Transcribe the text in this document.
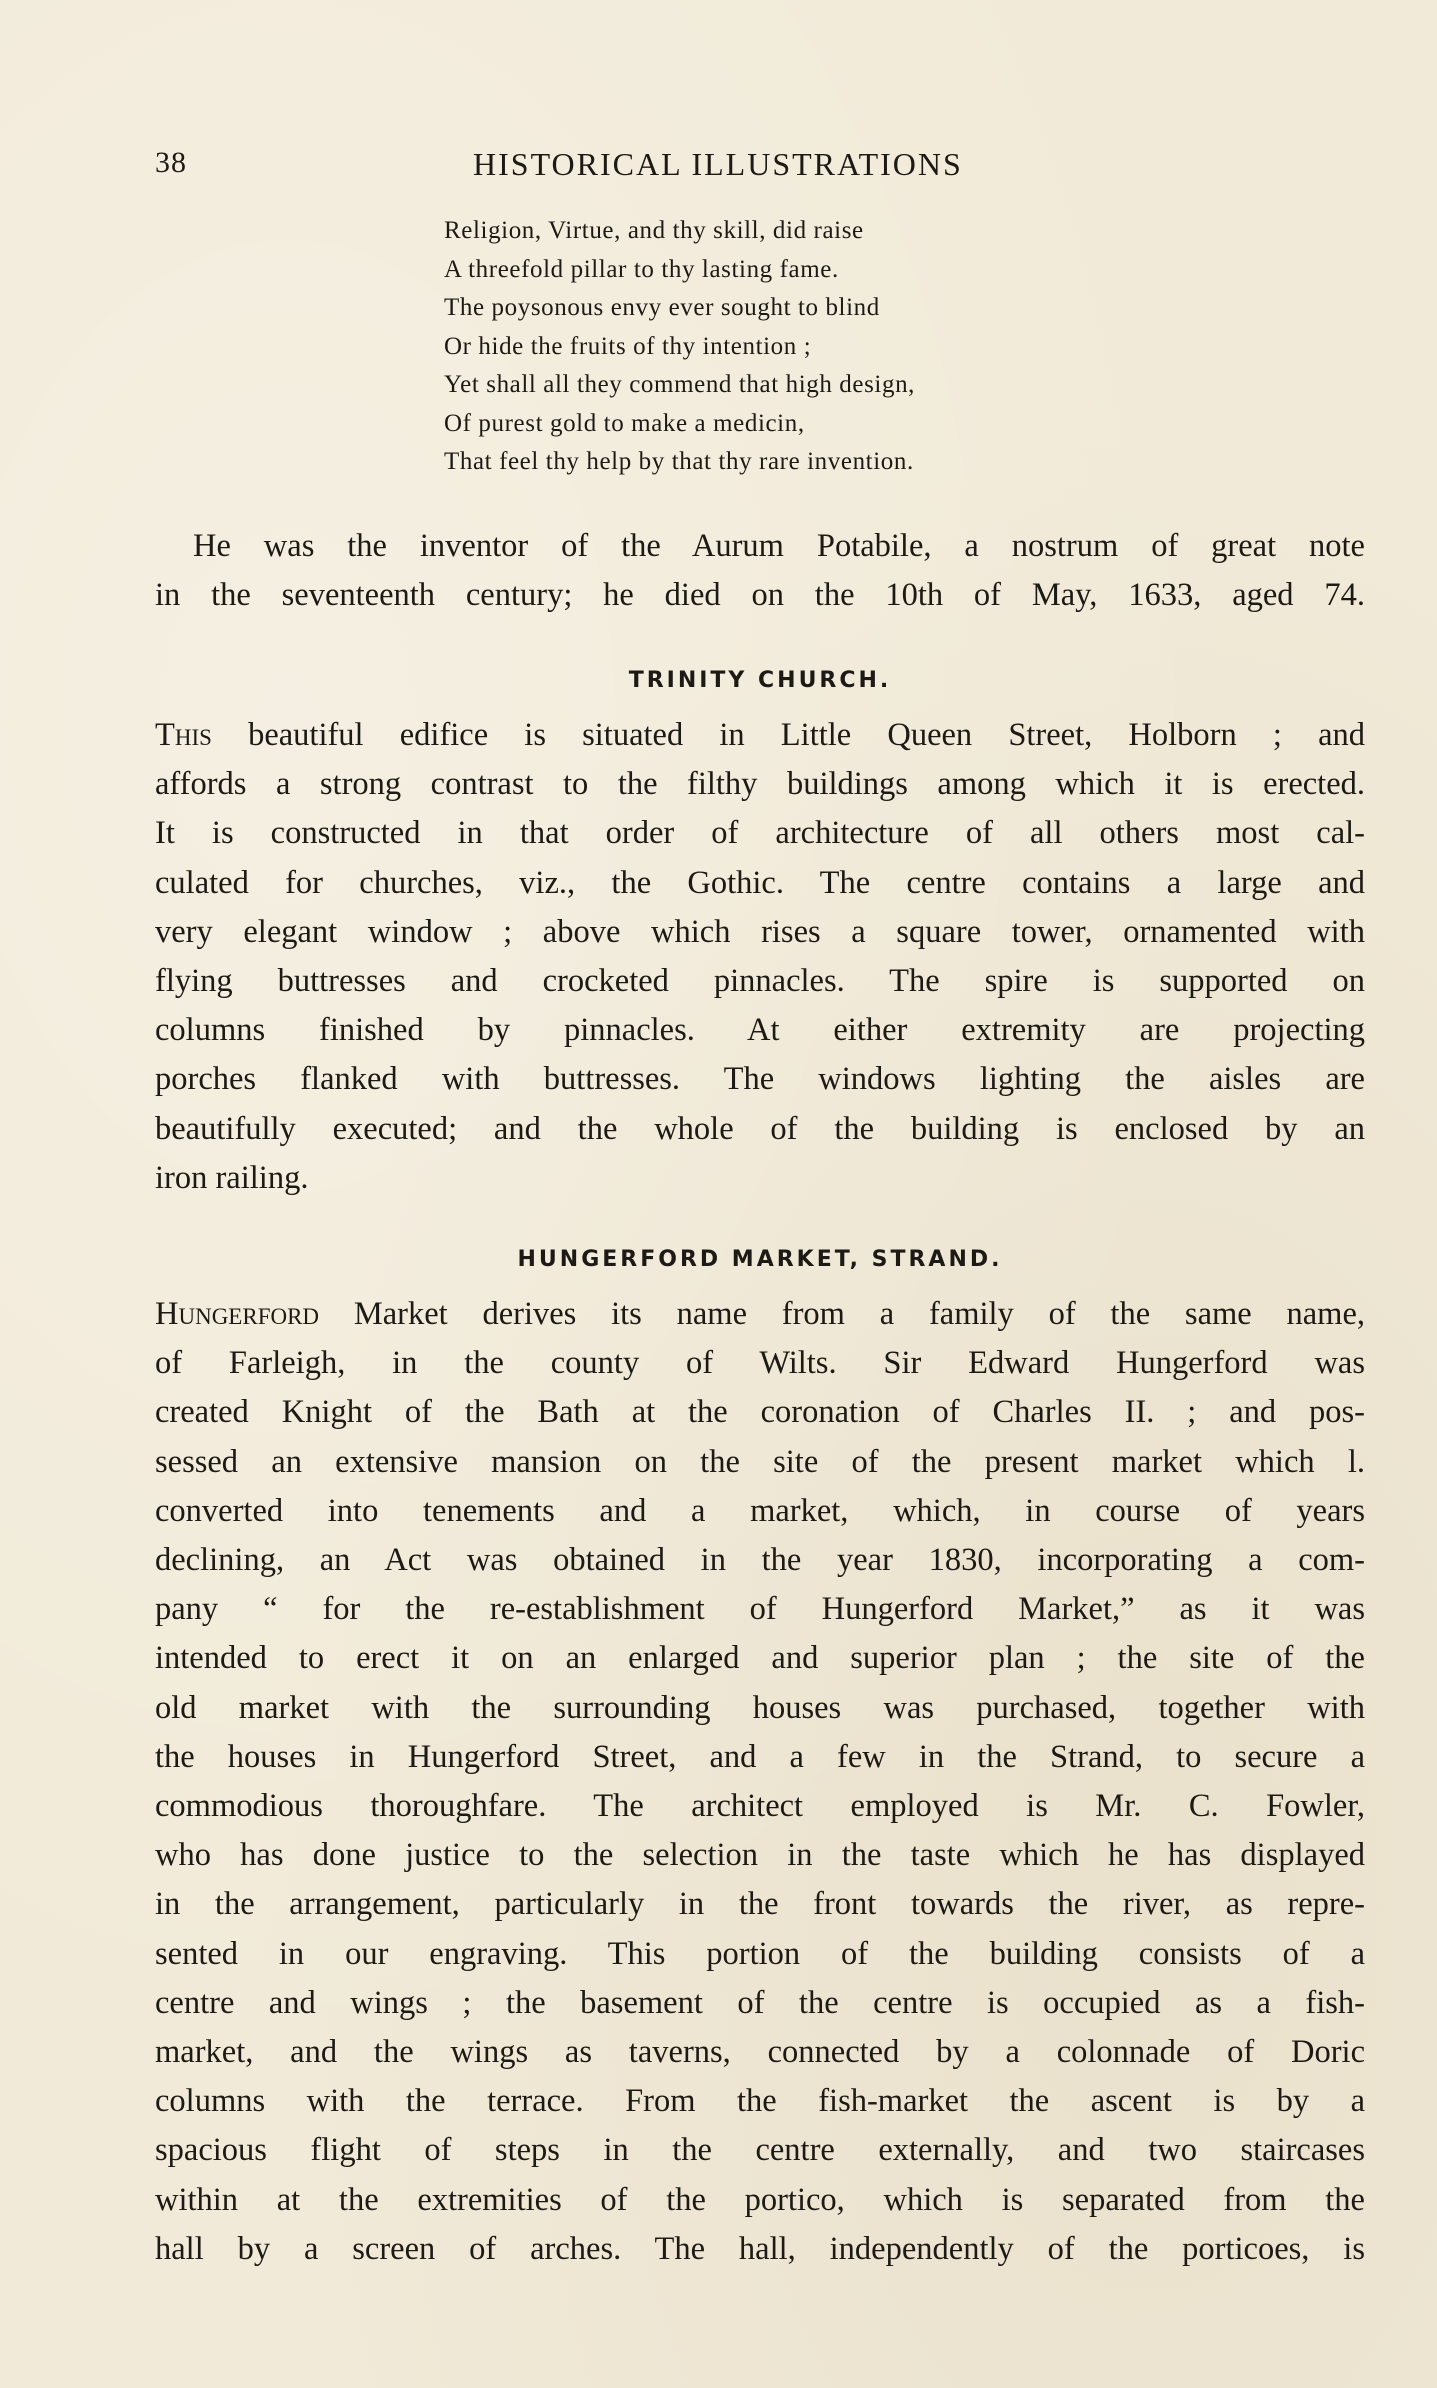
38	HISTORICAL ILLUSTRATIONS
Religion, Virtue, and thy skill, did raise
A threefold pillar to thy lasting fame.
The poysonous envy ever sought to blind
Or hide the fruits of thy intention ;
Yet shall all they commend that high design,
Of purest gold to make a medicin,
That feel thy help by that thy rare invention.
He was the inventor of the Aurum Potabile, a nostrum of great note
in the seventeenth century; he died on the 10th of May, 1633, aged 74.
TRINITY CHURCH.
This beautiful edifice is situated in Little Queen Street, Holborn ; and
affords a strong contrast to the filthy buildings among which it is erected.
It is constructed in that order of architecture of all others most cal-
culated for churches, viz., the Gothic. The centre contains a large and
very elegant window ; above which rises a square tower, ornamented with
flying buttresses and crocketed pinnacles. The spire is supported on
columns finished by pinnacles. At either extremity are projecting
porches flanked with buttresses. The windows lighting the aisles are
beautifully executed; and the whole of the building is enclosed by an
iron railing.
HUNGERFORD MARKET, STRAND.
Hungerford Market derives its name from a family of the same name,
of Farleigh, in the county of Wilts. Sir Edward Hungerford was
created Knight of the Bath at the coronation of Charles II. ; and pos-
sessed an extensive mansion on the site of the present market which l.
converted into tenements and a market, which, in course of years
declining, an Act was obtained in the year 1830, incorporating a com-
pany “ for the re-establishment of Hungerford Market,” as it was
intended to erect it on an enlarged and superior plan ; the site of the
old market with the surrounding houses was purchased, together with
the houses in Hungerford Street, and a few in the Strand, to secure a
commodious thoroughfare. The architect employed is Mr. C. Fowler,
who has done justice to the selection in the taste which he has displayed
in the arrangement, particularly in the front towards the river, as repre-
sented in our engraving. This portion of the building consists of a
centre and wings ; the basement of the centre is occupied as a fish-
market, and the wings as taverns, connected by a colonnade of Doric
columns with the terrace. From the fish-market the ascent is by a
spacious flight of steps in the centre externally, and two staircases
within at the extremities of the portico, which is separated from the
hall by a screen of arches. The hall, independently of the porticoes, is
